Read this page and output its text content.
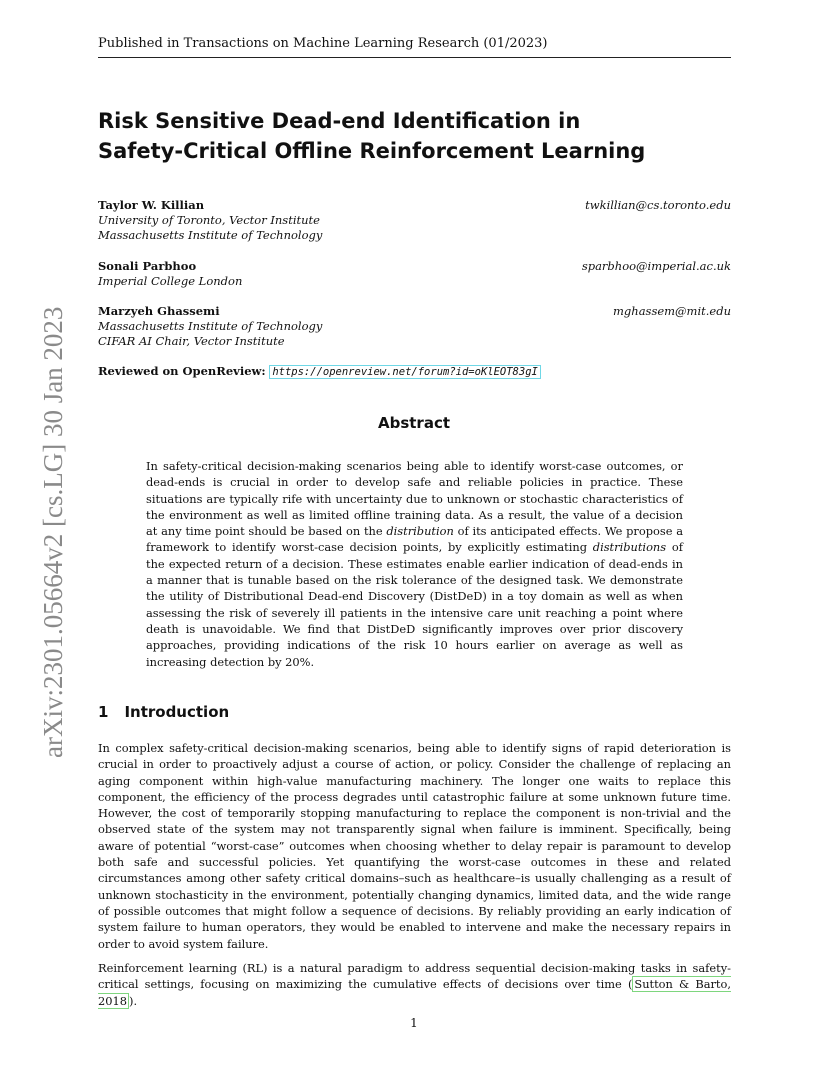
Published in Transactions on Machine Learning Research (01/2023)
Risk Sensitive Dead-end Identification in
Safety-Critical Offline Reinforcement Learning
Taylor W. Killian	twkillian@cs.toronto.edu
University of Toronto, Vector Institute
Massachusetts Institute of Technology
Sonali Parbhoo	sparbhoo@imperial.ac.uk
Imperial College London
Marzyeh Ghassemi	mghassem@mit.edu
Massachusetts Institute of Technology
CIFAR AI Chair, Vector Institute
Reviewed on OpenReview: https://openreview.net/forum?id=oKlEOT83gI
Abstract
In safety-critical decision-making scenarios being able to identify worst-case outcomes, or dead-ends is crucial in order to develop safe and reliable policies in practice. These situations are typically rife with uncertainty due to unknown or stochastic characteristics of the environment as well as limited offline training data. As a result, the value of a decision at any time point should be based on the distribution of its anticipated effects. We propose a framework to identify worst-case decision points, by explicitly estimating distributions of the expected return of a decision. These estimates enable earlier indication of dead-ends in a manner that is tunable based on the risk tolerance of the designed task. We demonstrate the utility of Distributional Dead-end Discovery (DistDeD) in a toy domain as well as when assessing the risk of severely ill patients in the intensive care unit reaching a point where death is unavoidable. We find that DistDeD significantly improves over prior discovery approaches, providing indications of the risk 10 hours earlier on average as well as increasing detection by 20%.
1 Introduction
In complex safety-critical decision-making scenarios, being able to identify signs of rapid deterioration is crucial in order to proactively adjust a course of action, or policy. Consider the challenge of replacing an aging component within high-value manufacturing machinery. The longer one waits to replace this component, the efficiency of the process degrades until catastrophic failure at some unknown future time. However, the cost of temporarily stopping manufacturing to replace the component is non-trivial and the observed state of the system may not transparently signal when failure is imminent. Specifically, being aware of potential “worst-case” outcomes when choosing whether to delay repair is paramount to develop both safe and successful policies. Yet quantifying the worst-case outcomes in these and related circumstances among other safety critical domains–such as healthcare–is usually challenging as a result of unknown stochasticity in the environment, potentially changing dynamics, limited data, and the wide range of possible outcomes that might follow a sequence of decisions. By reliably providing an early indication of system failure to human operators, they would be enabled to intervene and make the necessary repairs in order to avoid system failure.
Reinforcement learning (RL) is a natural paradigm to address sequential decision-making tasks in safety-critical settings, focusing on maximizing the cumulative effects of decisions over time ( Sutton & Barto, 2018 ).
1
arXiv:2301.05664v2 [cs.LG] 30 Jan 2023
